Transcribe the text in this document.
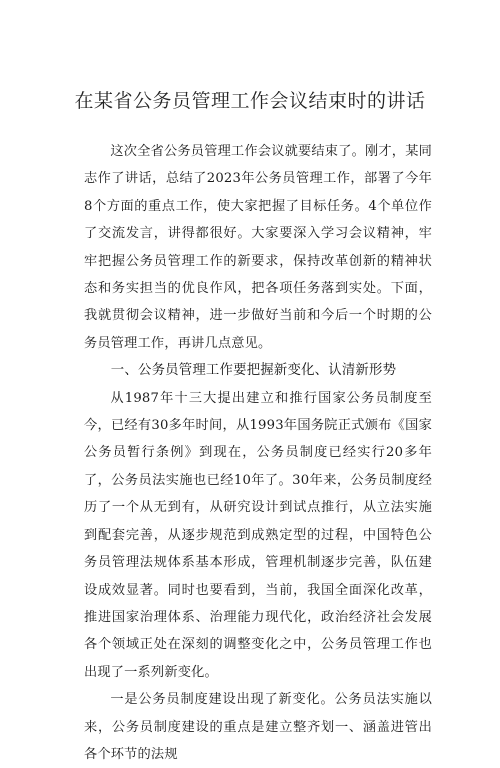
在某省公务员管理工作会议结束时的讲话

这次全省公务员管理工作会议就要结束了。刚才，某同志作了讲话，总结了2023年公务员管理工作，部署了今年8个方面的重点工作，使大家把握了目标任务。4个单位作了交流发言，讲得都很好。大家要深入学习会议精神，牢牢把握公务员管理工作的新要求，保持改革创新的精神状态和务实担当的优良作风，把各项任务落到实处。下面，我就贯彻会议精神，进一步做好当前和今后一个时期的公务员管理工作，再讲几点意见。

一、公务员管理工作要把握新变化、认清新形势

从1987年十三大提出建立和推行国家公务员制度至今，已经有30多年时间，从1993年国务院正式颁布《国家公务员暂行条例》到现在，公务员制度已经实行20多年了，公务员法实施也已经10年了。30年来，公务员制度经历了一个从无到有，从研究设计到试点推行，从立法实施到配套完善，从逐步规范到成熟定型的过程，中国特色公务员管理法规体系基本形成，管理机制逐步完善，队伍建设成效显著。同时也要看到，当前，我国全面深化改革，推进国家治理体系、治理能力现代化，政治经济社会发展各个领域正处在深刻的调整变化之中，公务员管理工作也出现了一系列新变化。

一是公务员制度建设出现了新变化。公务员法实施以来，公务员制度建设的重点是建立整齐划一、涵盖进管出各个环节的法规
